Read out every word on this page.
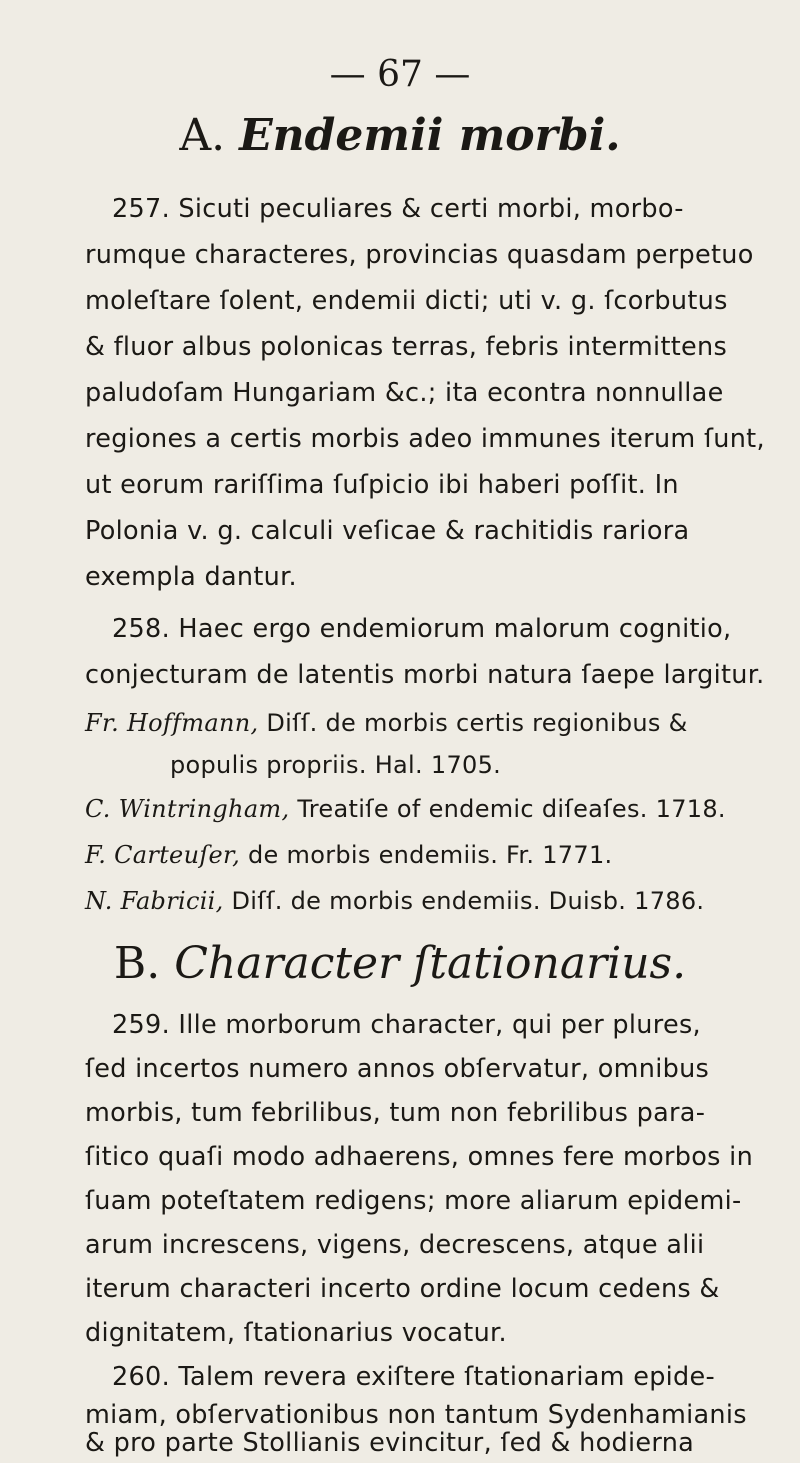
— 67 —
A. Endemii morbi.
257. Sicuti peculiares & certi morbi, morbo-
rumque characteres, provincias quasdam perpetuo
moleſtare ſolent, endemii dicti; uti v. g. ſcorbutus
& fluor albus polonicas terras, febris intermittens
paludoſam Hungariam &c.; ita econtra nonnullae
regiones a certis morbis adeo immunes iterum ſunt,
ut eorum rariſſima ſuſpicio ibi haberi poſſit. In
Polonia v. g. calculi veſicae & rachitidis rariora
exempla dantur.
258. Haec ergo endemiorum malorum cognitio,
conjecturam de latentis morbi natura ſaepe largitur.
Fr. Hoffmann, Diſſ. de morbis certis regionibus &
populis propriis. Hal. 1705.
C. Wintringham, Treatiſe of endemic diſeaſes. 1718.
F. Carteuſer, de morbis endemiis. Fr. 1771.
N. Fabricii, Diſſ. de morbis endemiis. Duisb. 1786.
B. Character ſtationarius.
259. Ille morborum character, qui per plures,
ſed incertos numero annos obſervatur, omnibus
morbis, tum febrilibus, tum non febrilibus para-
ſitico quaſi modo adhaerens, omnes fere morbos in
ſuam poteſtatem redigens; more aliarum epidemi-
arum increscens, vigens, decrescens, atque alii
iterum characteri incerto ordine locum cedens &
dignitatem, ſtationarius vocatur.
260. Talem revera exiſtere ſtationariam epide-
miam, obſervationibus non tantum Sydenhamianis
& pro parte Stollianis evincitur, ſed & hodierna
